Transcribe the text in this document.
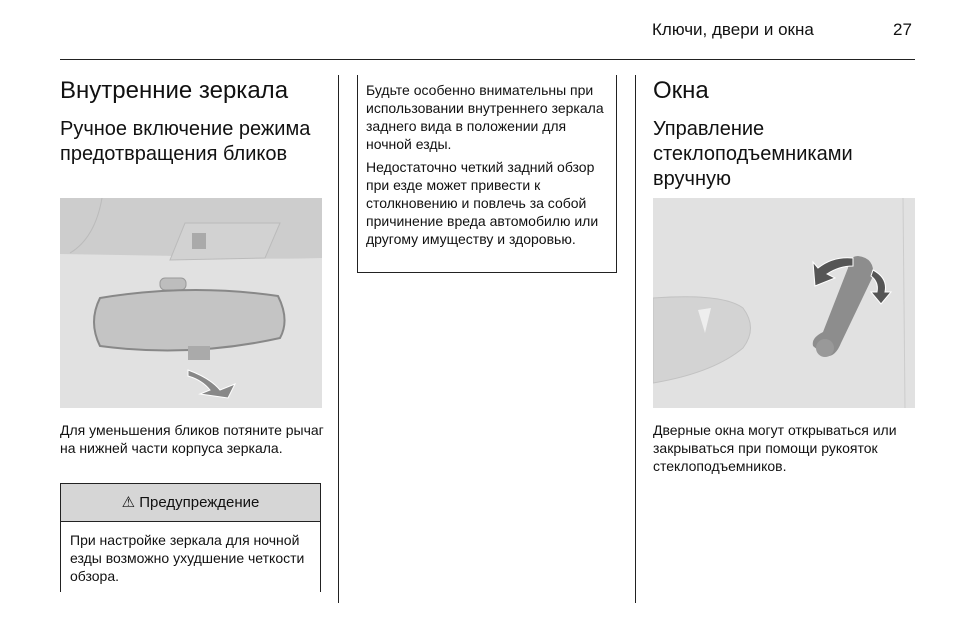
Ключи, двери и окна	27
Внутренние зеркала
Ручное включение режима предотвращения бликов

Для уменьшения бликов потяните рычаг на нижней части корпуса зеркала.

⚠ Предупреждение

При настройке зеркала для ночной езды возможно ухудшение четкости обзора.

Будьте особенно внимательны при использовании внутреннего зеркала заднего вида в положении для ночной езды.

Недостаточно четкий задний обзор при езде может привести к столкновению и повлечь за собой причинение вреда автомобилю или другому имуществу и здоровью.

Окна
Управление стеклоподъемниками вручную

Дверные окна могут открываться или закрываться при помощи рукояток стеклоподъемников.
